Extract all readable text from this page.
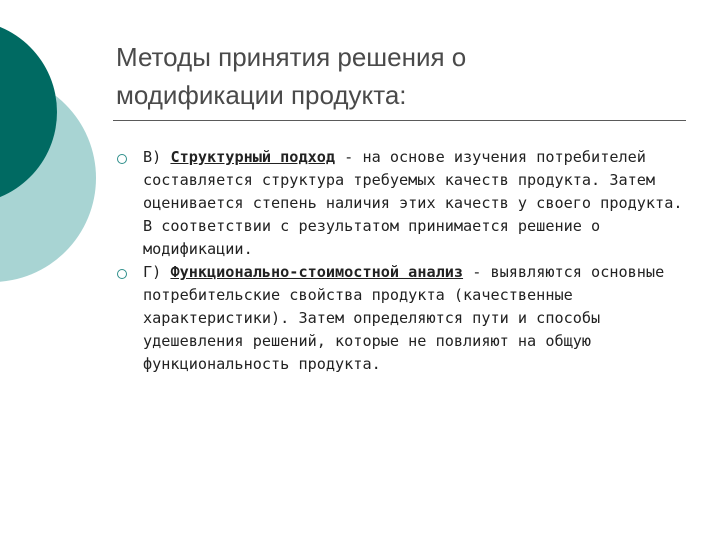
Методы принятия решения о
модификации продукта:
В) Структурный подход - на основе изучения потребителей составляется структура требуемых качеств продукта. Затем оценивается степень наличия этих качеств у своего продукта. В соответствии с результатом принимается решение о модификации.
Г) Функционально-стоимостной анализ - выявляются основные потребительские свойства продукта (качественные характеристики). Затем определяются пути и способы удешевления решений, которые не повлияют на общую функциональность продукта.
